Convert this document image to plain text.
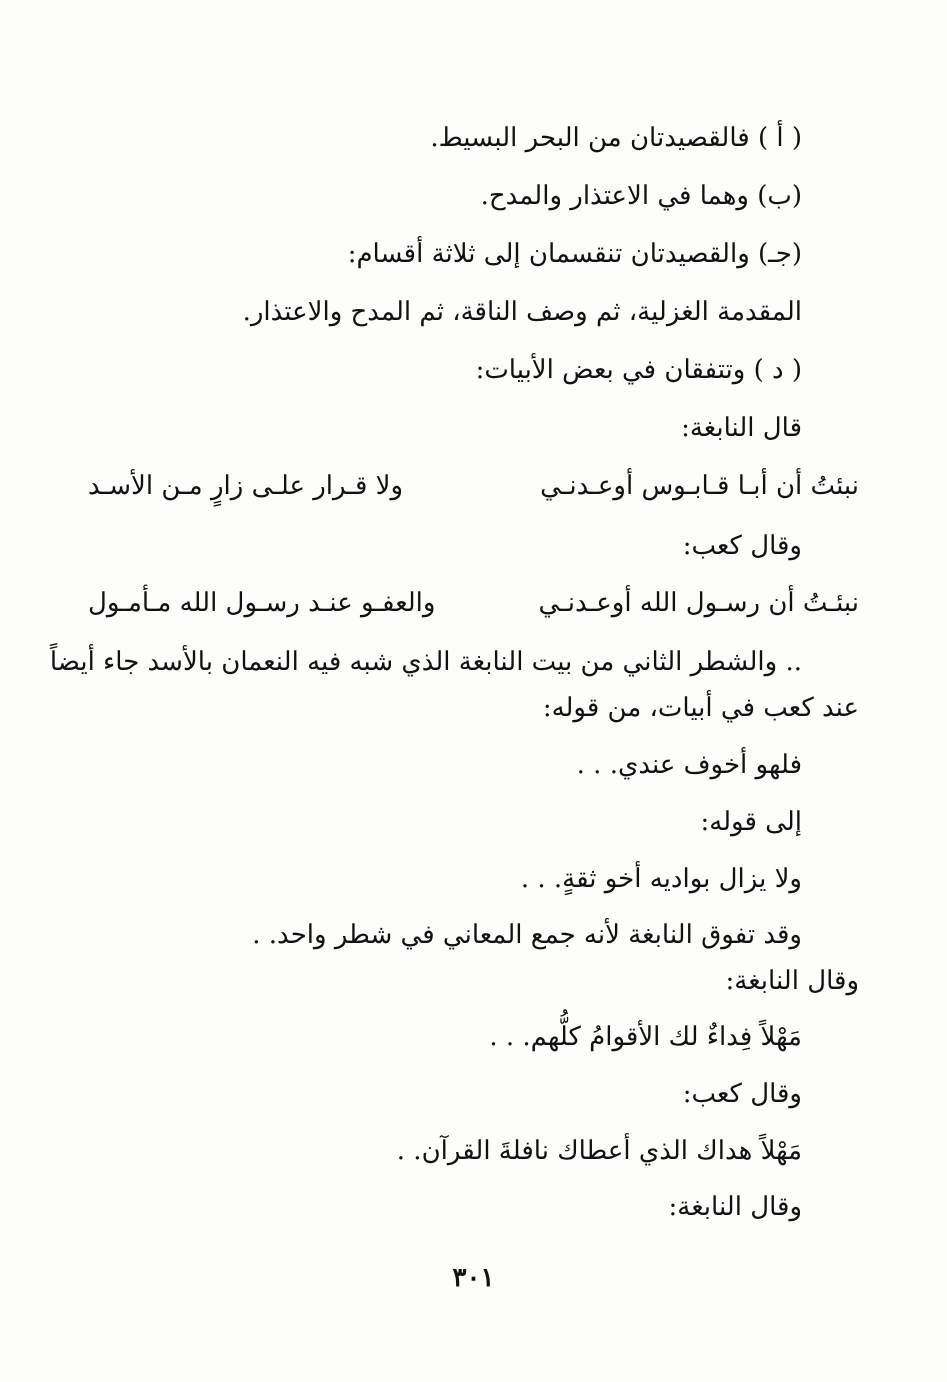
( أ ) فالقصيدتان من البحر البسيط.
(ب) وهما في الاعتذار والمدح.
(جـ) والقصيدتان تنقسمان إلى ثلاثة أقسام:
المقدمة الغزلية، ثم وصف الناقة، ثم المدح والاعتذار.
( د ) وتتفقان في بعض الأبيات:
قال النابغة:
نبئتُ أن أبـا قـابـوس أوعـدنـي
ولا قـرار علـى زارٍ مـن الأسـد
وقال كعب:
نبئـتُ أن رسـول الله أوعـدنـي
والعفـو عنـد رسـول الله مـأمـول
.. والشطر الثاني من بيت النابغة الذي شبه فيه النعمان بالأسد جاء أيضاً
عند كعب في أبيات، من قوله:
فلهو أخوف عندي. . .
إلى قوله:
ولا يزال بواديه أخو ثقةٍ. . .
وقد تفوق النابغة لأنه جمع المعاني في شطر واحد. .
وقال النابغة:
مَهْلاً فِداءٌ لك الأقوامُ كلُّهم. . .
وقال كعب:
مَهْلاً هداك الذي أعطاك نافلةَ القرآن. .
وقال النابغة:
٣٠١
